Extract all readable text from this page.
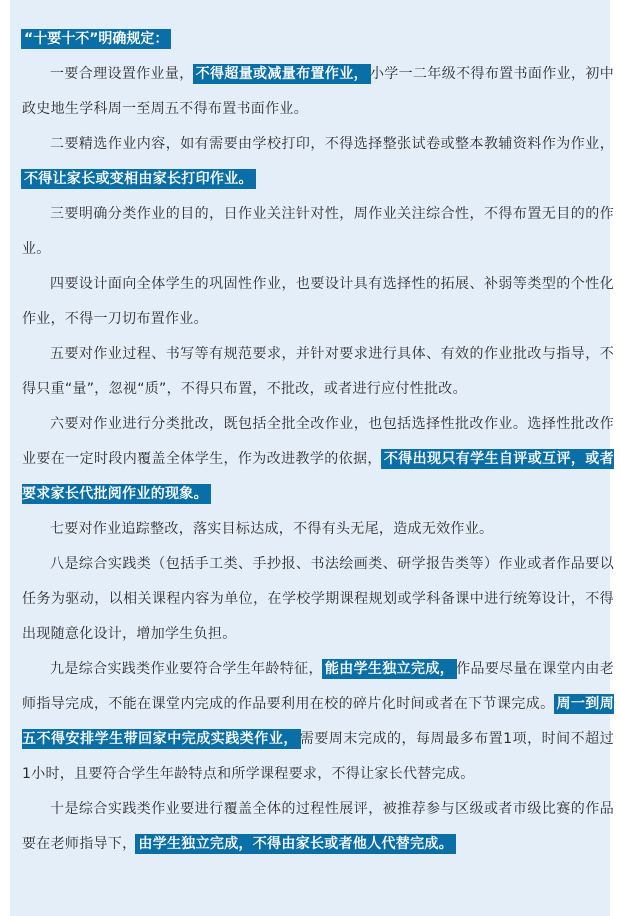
“十要十不”明确规定：

一要合理设置作业量， 不得超量或减量布置作业， 小学一二年级不得布置书面作业，初中政史地生学科周一至周五不得布置书面作业。

二要精选作业内容，如有需要由学校打印，不得选择整张试卷或整本教辅资料作为作业，不得让家长或变相由家长打印作业。

三要明确分类作业的目的，日作业关注针对性，周作业关注综合性，不得布置无目的的作业。

四要设计面向全体学生的巩固性作业，也要设计具有选择性的拓展、补弱等类型的个性化作业，不得一刀切布置作业。

五要对作业过程、书写等有规范要求，并针对要求进行具体、有效的作业批改与指导，不得只重“量”，忽视“质”，不得只布置，不批改，或者进行应付性批改。

六要对作业进行分类批改，既包括全批全改作业，也包括选择性批改作业。选择性批改作业要在一定时段内覆盖全体学生，作为改进教学的依据， 不得出现只有学生自评或互评，或者要求家长代批阅作业的现象。

七要对作业追踪整改，落实目标达成，不得有头无尾，造成无效作业。

八是综合实践类（包括手工类、手抄报、书法绘画类、研学报告类等）作业或者作品要以任务为驱动，以相关课程内容为单位，在学校学期课程规划或学科备课中进行统筹设计，不得出现随意化设计，增加学生负担。

九是综合实践类作业要符合学生年龄特征， 能由学生独立完成， 作品要尽量在课堂内由老师指导完成，不能在课堂内完成的作品要利用在校的碎片化时间或者在下节课完成。 周一到周五不得安排学生带回家中完成实践类作业， 需要周末完成的，每周最多布置1项，时间不超过1小时，且要符合学生年龄特点和所学课程要求，不得让家长代替完成。

十是综合实践类作业要进行覆盖全体的过程性展评，被推荐参与区级或者市级比赛的作品要在老师指导下， 由学生独立完成，不得由家长或者他人代替完成。
